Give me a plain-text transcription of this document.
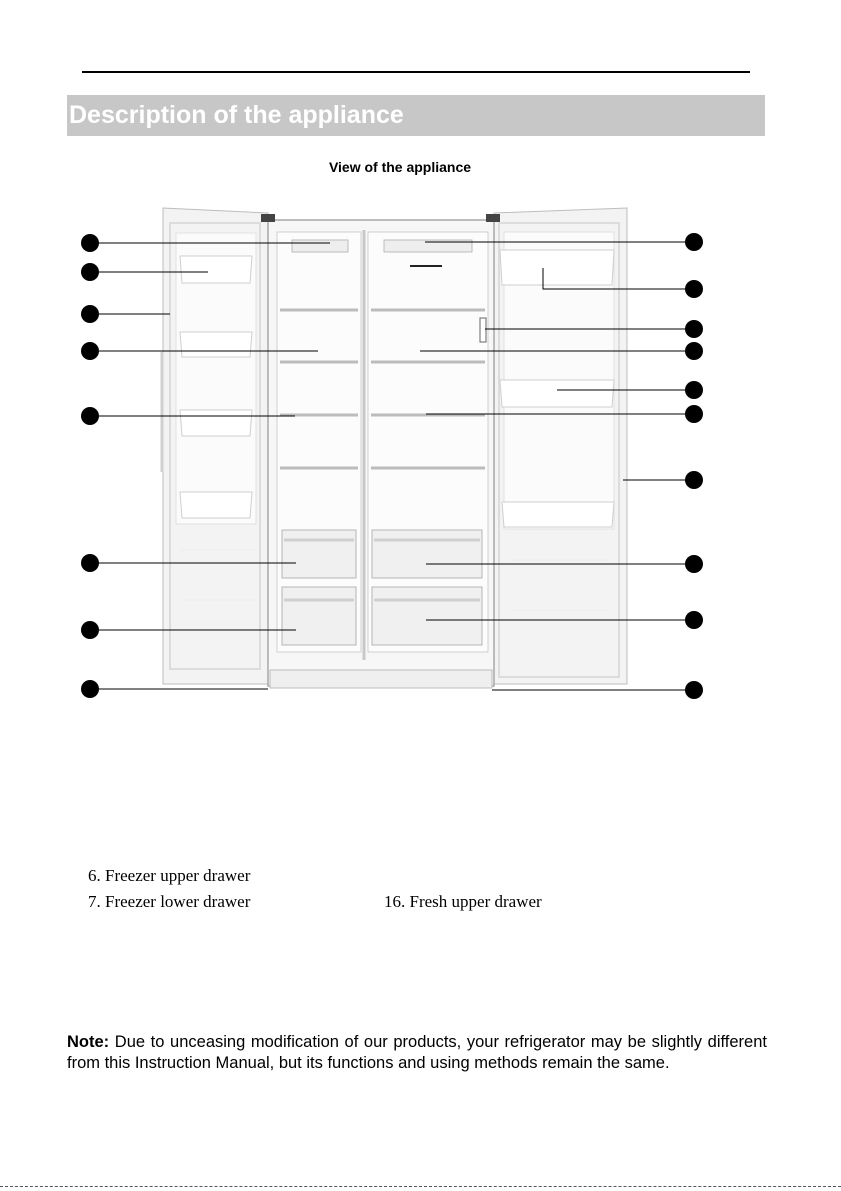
Description of the appliance
View of the appliance
6. Freezer upper drawer
7. Freezer lower drawer	16. Fresh upper drawer
Note: Due to unceasing modification of our products, your refrigerator may be slightly different from this Instruction Manual, but its functions and using methods remain the same.
